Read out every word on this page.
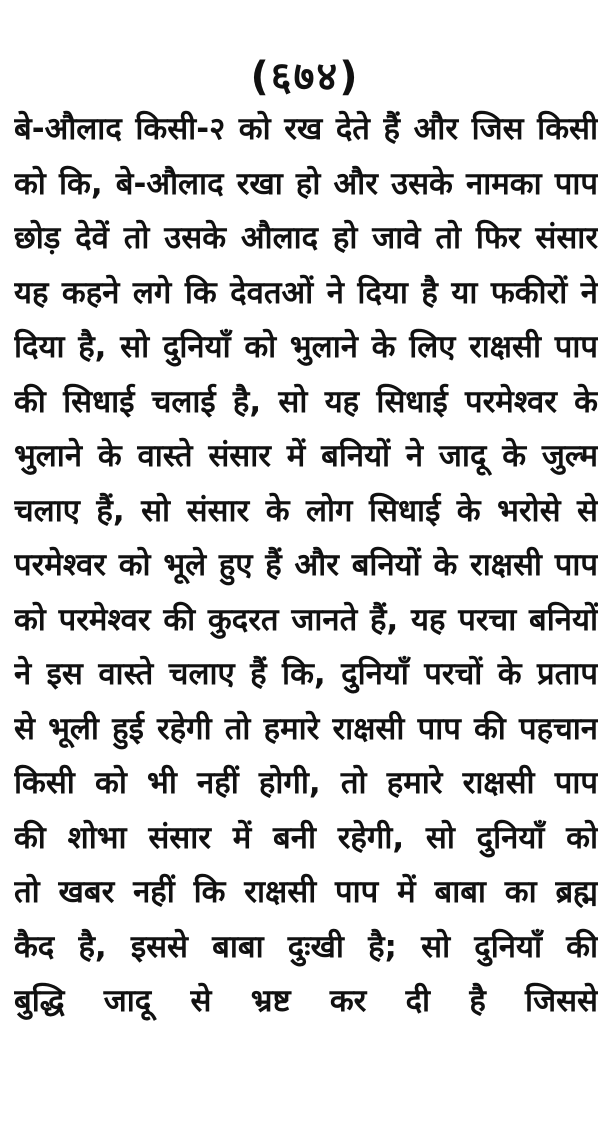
(६७४)
बे-औलाद किसी-२ को रख देते हैं और जिस किसी
को कि, बे-औलाद रखा हो और उसके नामका पाप
छोड़ देवें तो उसके औलाद हो जावे तो फिर संसार
यह कहने लगे कि देवतओं ने दिया है या फकीरों ने
दिया है, सो दुनियाँ को भुलाने के लिए राक्षसी पाप
की सिधाई चलाई है, सो यह सिधाई परमेश्वर के
भुलाने के वास्ते संसार में बनियों ने जादू के जुल्म
चलाए हैं, सो संसार के लोग सिधाई के भरोसे से
परमेश्वर को भूले हुए हैं और बनियों के राक्षसी पाप
को परमेश्वर की कुदरत जानते हैं, यह परचा बनियों
ने इस वास्ते चलाए हैं कि, दुनियाँ परचों के प्रताप
से भूली हुई रहेगी तो हमारे राक्षसी पाप की पहचान
किसी को भी नहीं होगी, तो हमारे राक्षसी पाप
की शोभा संसार में बनी रहेगी, सो दुनियाँ को
तो खबर नहीं कि राक्षसी पाप में बाबा का ब्रह्म
कैद है, इससे बाबा दुःखी है; सो दुनियाँ की
बुद्धि जादू से भ्रष्ट कर दी है जिससे
